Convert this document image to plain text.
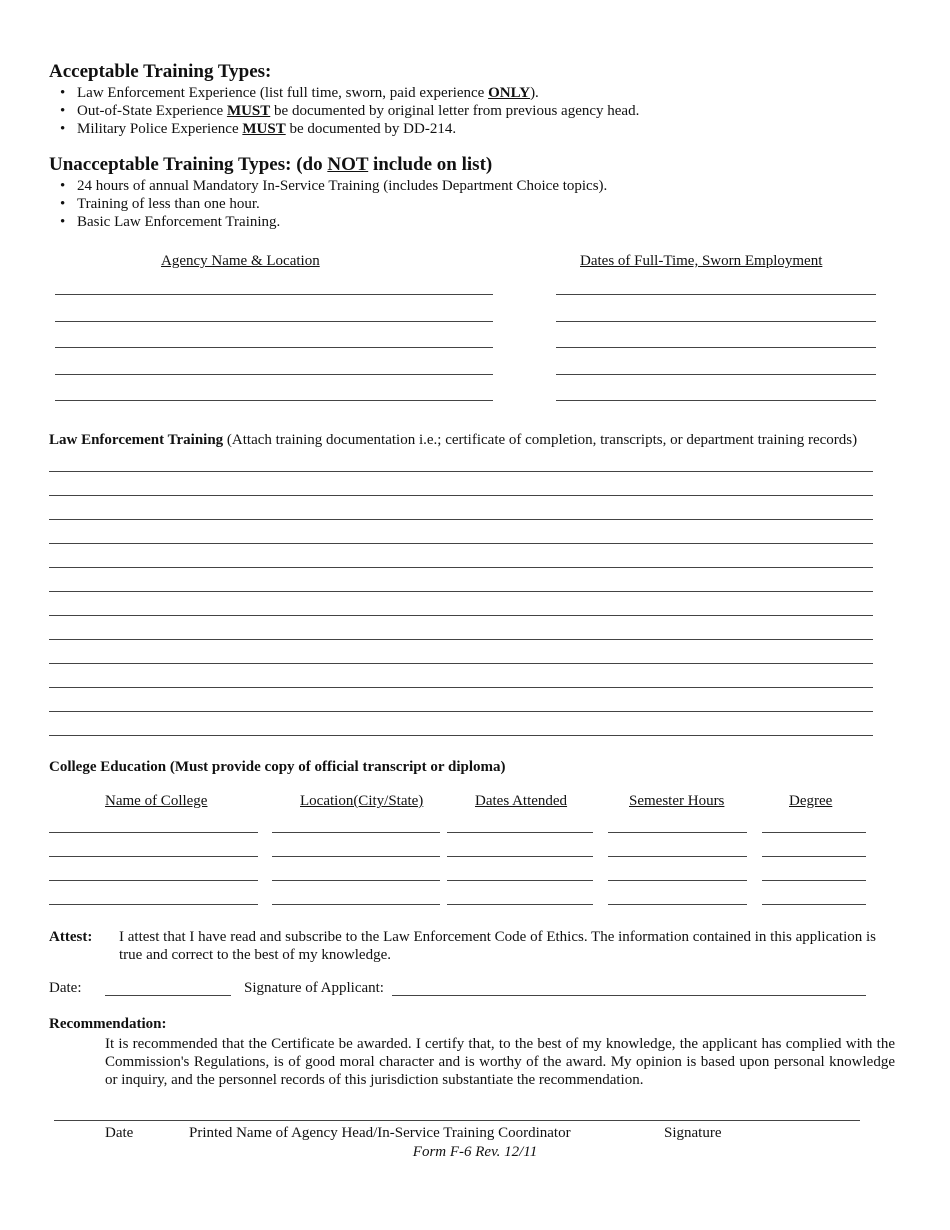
Acceptable Training Types:
• Law Enforcement Experience (list full time, sworn, paid experience ONLY).
• Out-of-State Experience MUST be documented by original letter from previous agency head.
• Military Police Experience MUST be documented by DD-214.
Unacceptable Training Types: (do NOT include on list)
• 24 hours of annual Mandatory In-Service Training (includes Department Choice topics).
• Training of less than one hour.
• Basic Law Enforcement Training.
Agency Name & Location	Dates of Full-Time, Sworn Employment
Law Enforcement Training (Attach training documentation i.e.; certificate of completion, transcripts, or department training records)
College Education (Must provide copy of official transcript or diploma)
Name of College	Location(City/State)	Dates Attended	Semester Hours	Degree
Attest: I attest that I have read and subscribe to the Law Enforcement Code of Ethics. The information contained in this application is true and correct to the best of my knowledge.
Date:	Signature of Applicant:
Recommendation:
It is recommended that the Certificate be awarded. I certify that, to the best of my knowledge, the applicant has complied with the Commission's Regulations, is of good moral character and is worthy of the award. My opinion is based upon personal knowledge or inquiry, and the personnel records of this jurisdiction substantiate the recommendation.
Date	Printed Name of Agency Head/In-Service Training Coordinator	Signature
Form F-6 Rev. 12/11
